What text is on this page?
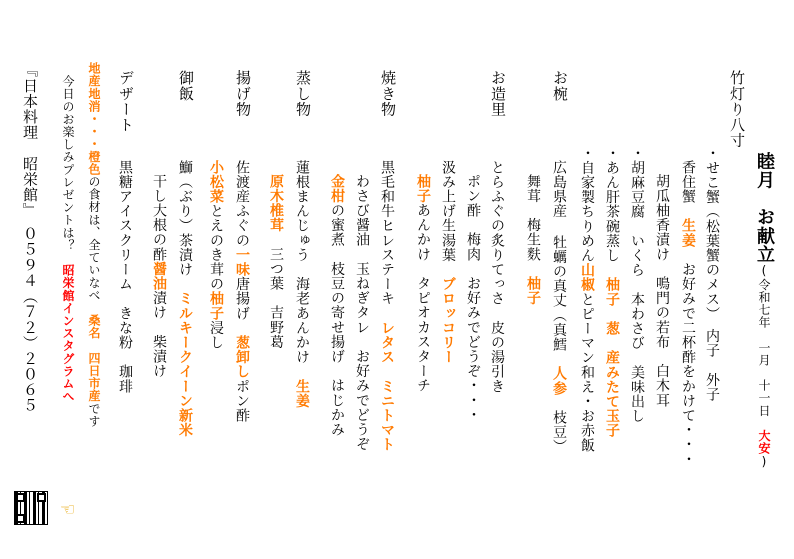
睦月　お献立(令和七年　一月　十一日　大安)
竹灯り八寸
・せこ蟹（松葉蟹のメス）　内子　外子
香住蟹　生姜　お好みで二杯酢をかけて・・・
胡瓜柚香漬け　鳴門の若布　白木耳
・胡麻豆腐　いくら　本わさび　美味出し
・あん肝茶碗蒸し　柚子　葱　産みたて玉子
・自家製ちりめん山椒とピーマン和え・お赤飯
お椀
広島県産 牡蠣の真丈（真鱈　人参　枝豆）
舞茸　梅生麩　柚子
お造里
とらふぐの炙りてっさ　皮の湯引き
ポン酢　梅肉　お好みでどうぞ・・・
汲み上げ生湯葉　ブロッコリー
柚子あんかけ　タピオカスターチ
焼き物
黒毛和牛ヒレステーキ　レタス　ミニトマト
わさび醤油　玉ねぎタレ　お好みでどうぞ
金柑の蜜煮　枝豆の寄せ揚げ　はじかみ
蒸し物
蓮根まんじゅう　海老あんかけ　生姜
原木椎茸　三つ葉　吉野葛
揚げ物
佐渡産ふぐの一味唐揚げ　葱卸しポン酢
小松菜とえのき茸の柚子浸し
御飯
鰤（ぶり）茶漬け　ミルキークイーン新米
干し大根の酢醤油漬け　柴漬け
デザート
黒糖アイスクリーム　きな粉　珈琲
地産地消・・・橙色の食材は、全ていなべ　桑名　四日市産です
今日のお楽しみプレゼントは？　昭栄館インスタグラムへ
『日本料理　昭栄館』　０５９４（７２）２０６５
☜
